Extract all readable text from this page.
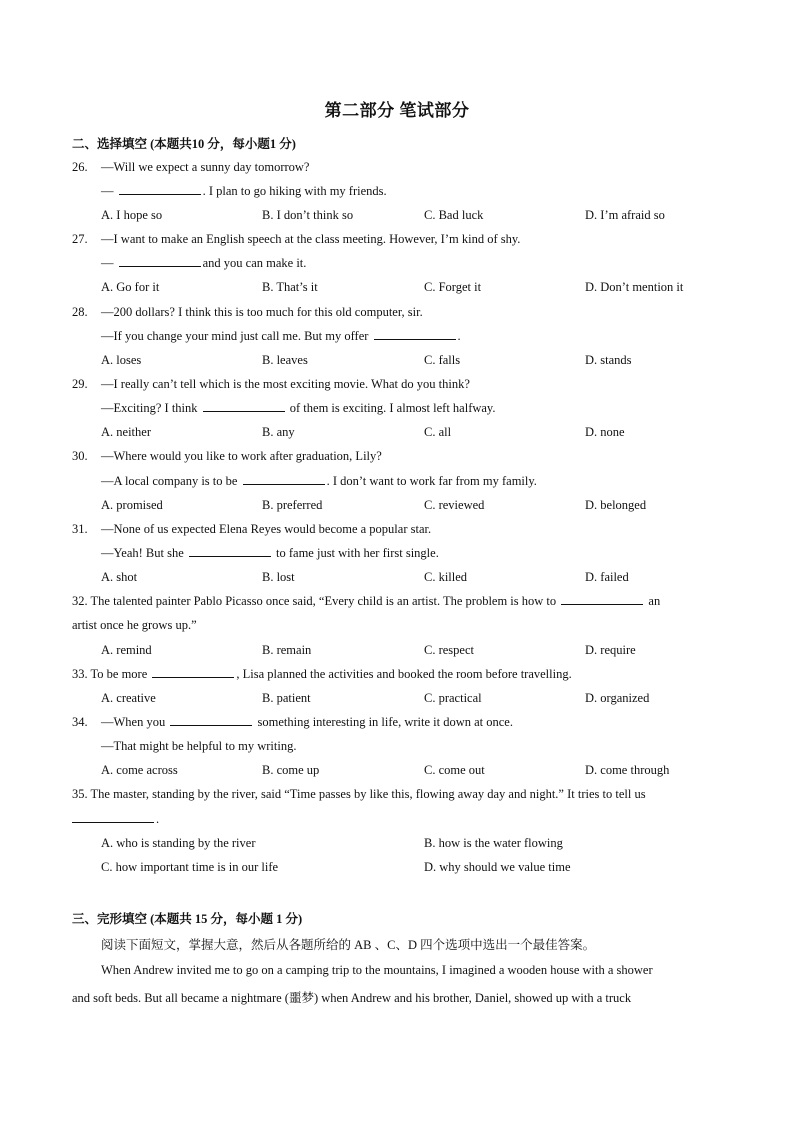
第二部分 笔试部分
二、选择填空 (本题共10 分，每小题1 分)
26. —Will we expect a sunny day tomorrow?
—	. I plan to go hiking with my friends.
A. I hope so	B. I don’t think so	C. Bad luck	D. I’m afraid so
27. —I want to make an English speech at the class meeting. However, I’m kind of shy.
—	and you can make it.
A. Go for it	B. That’s it	C. Forget it	D. Don’t mention it
28. —200 dollars? I think this is too much for this old computer, sir.
—If you change your mind just call me. But my offer	.
A. loses	B. leaves	C. falls	D. stands
29. —I really can’t tell which is the most exciting movie. What do you think?
—Exciting? I think	of them is exciting. I almost left halfway.
A. neither	B. any	C. all	D. none
30. —Where would you like to work after graduation, Lily?
—A local company is to be	. I don’t want to work far from my family.
A. promised	B. preferred	C. reviewed	D. belonged
31. —None of us expected Elena Reyes would become a popular star.
—Yeah! But she	to fame just with her first single.
A. shot	B. lost	C. killed	D. failed
32. The talented painter Pablo Picasso once said, “Every child is an artist. The problem is how to	an
artist once he grows up.”
A. remind	B. remain	C. respect	D. require
33. To be more	, Lisa planned the activities and booked the room before travelling.
A. creative	B. patient	C. practical	D. organized
34. —When you	something interesting in life, write it down at once.
—That might be helpful to my writing.
A. come across	B. come up	C. come out	D. come through
35. The master, standing by the river, said “Time passes by like this, flowing away day and night.” It tries to tell us
.
A. who is standing by the river	B. how is the water flowing
C. how important time is in our life	D. why should we value time
三、完形填空 (本题共 15 分，每小题 1 分)
阅读下面短文，掌握大意，然后从各题所给的 AB 、C、D 四个选项中选出一个最佳答案。
When Andrew invited me to go on a camping trip to the mountains, I imagined a wooden house with a shower
and soft beds. But all became a nightmare (噩梦) when Andrew and his brother, Daniel, showed up with a truck
